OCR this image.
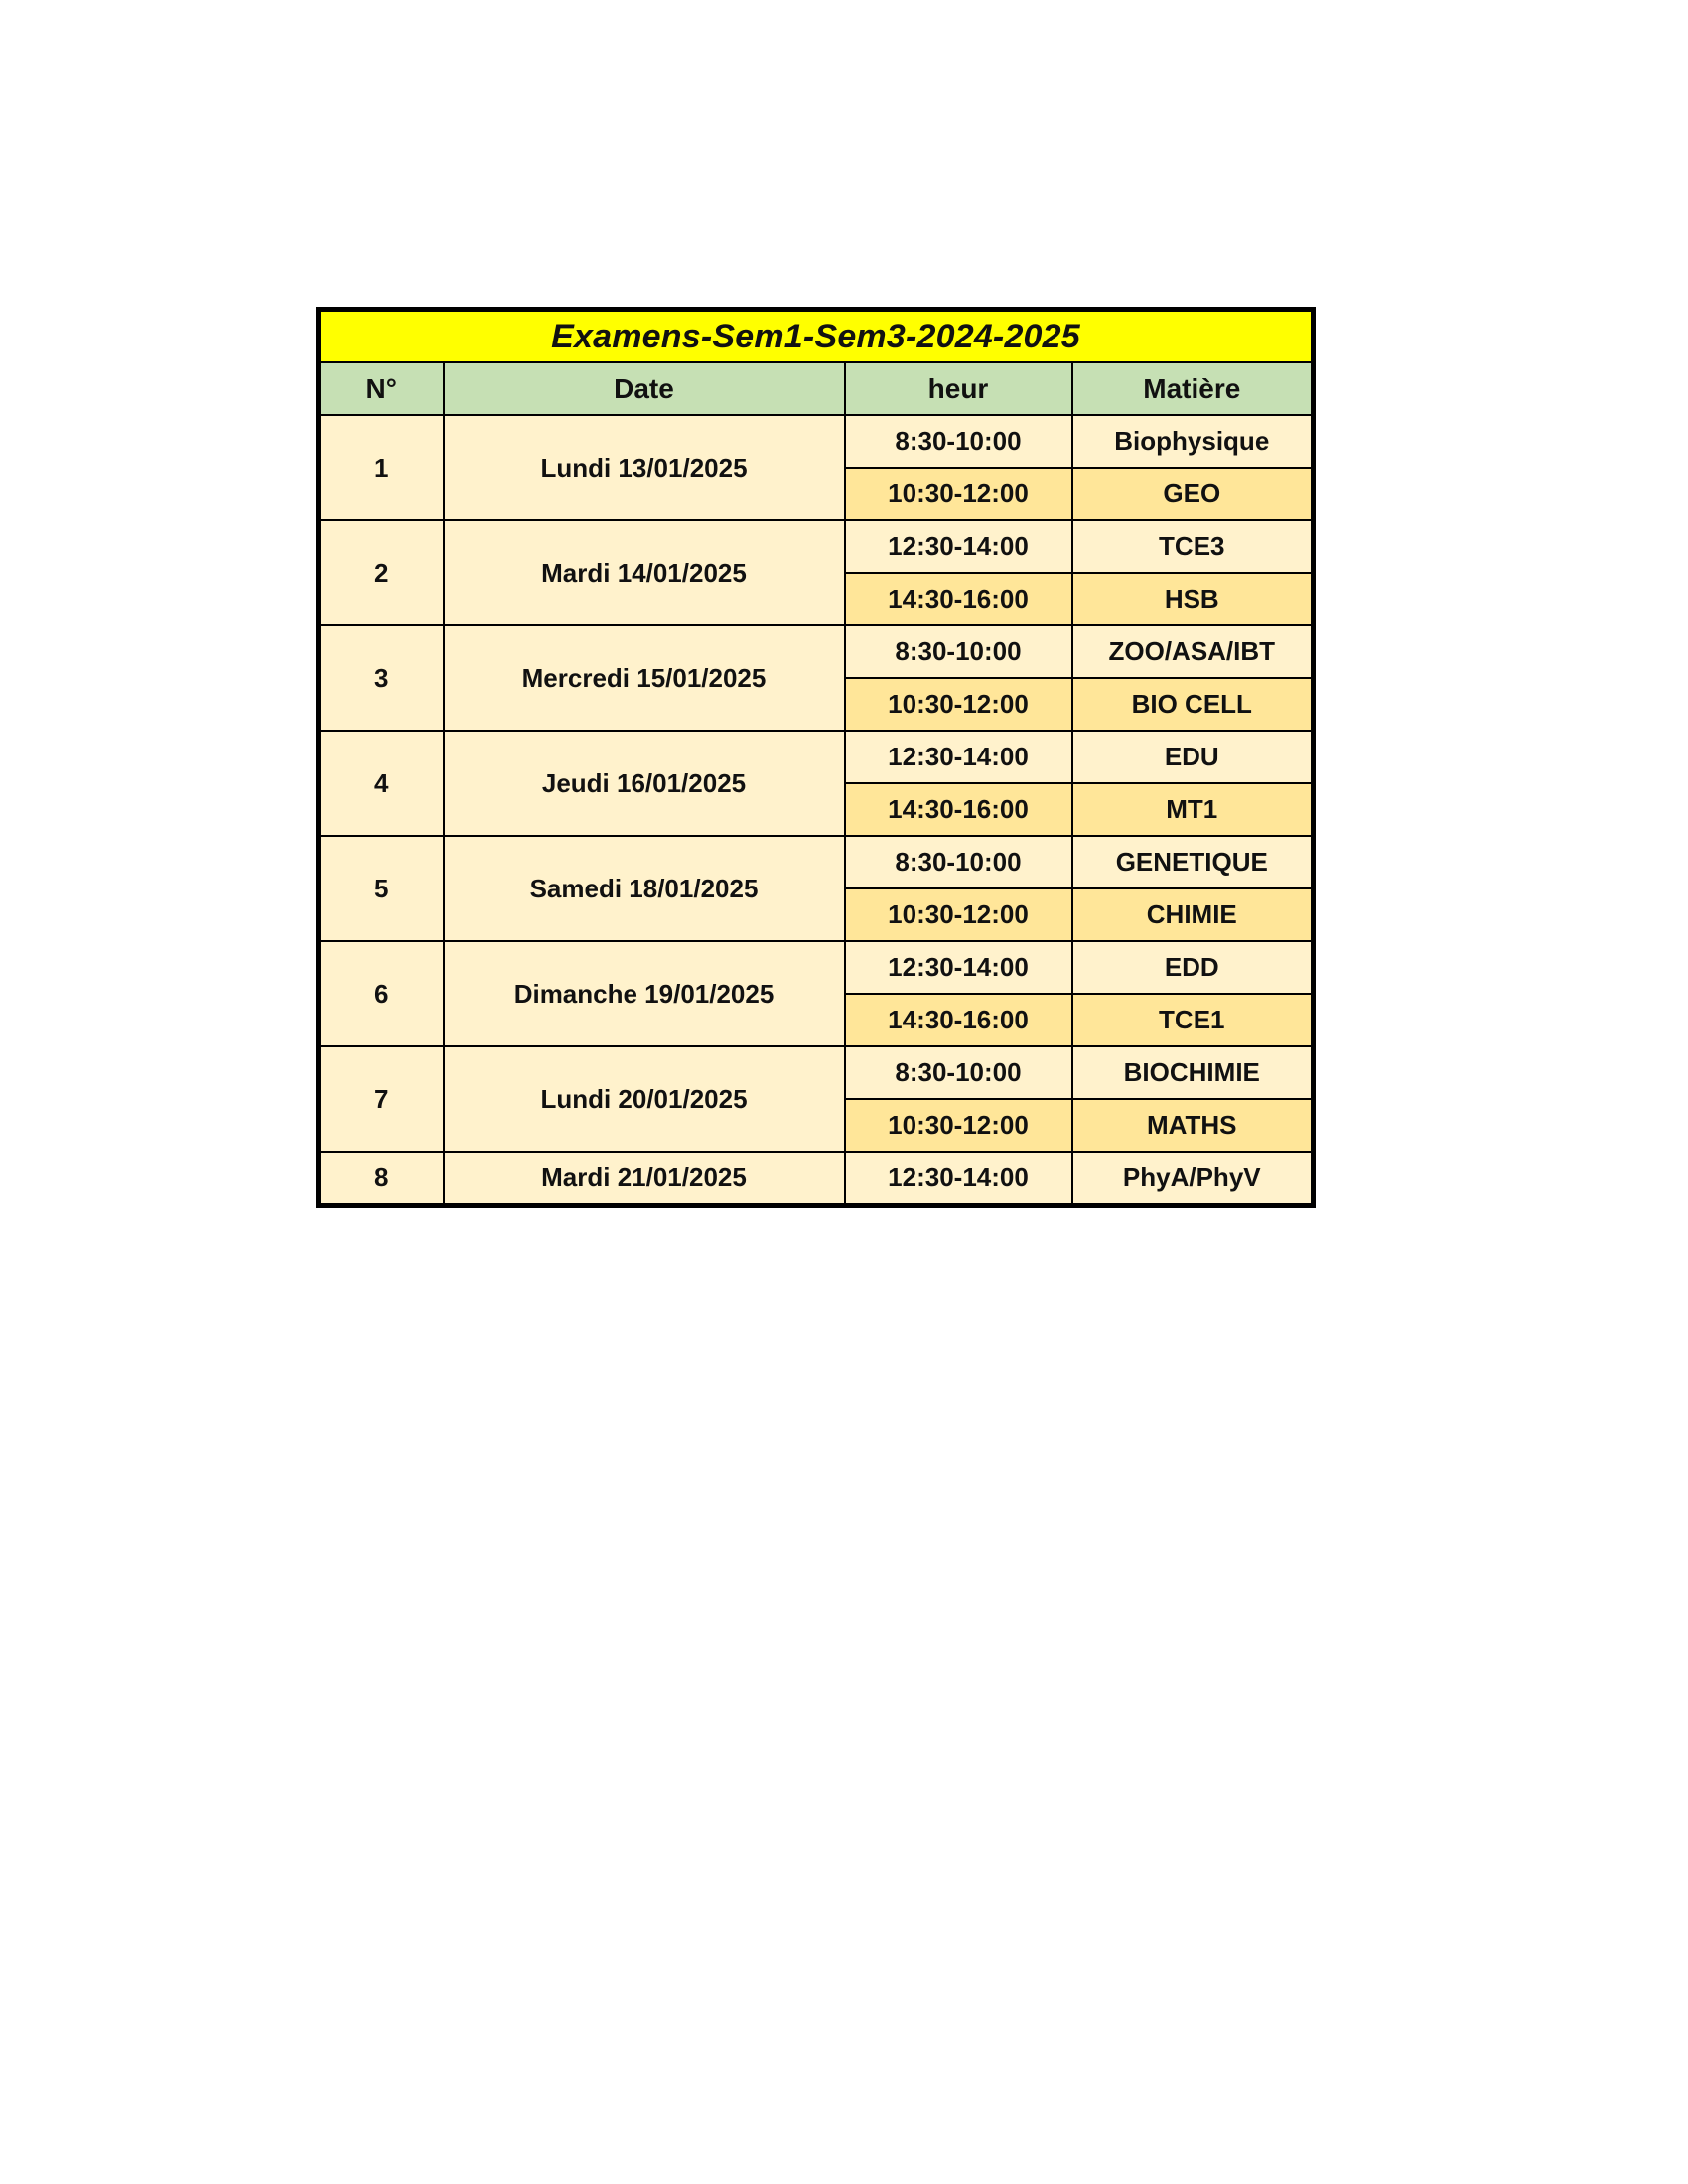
Examens-Sem1-Sem3-2024-2025			
N°	Date	heur	Matière
1	Lundi 13/01/2025	8:30-10:00	Biophysique
		10:30-12:00	GEO
2	Mardi 14/01/2025	12:30-14:00	TCE3
		14:30-16:00	HSB
3	Mercredi 15/01/2025	8:30-10:00	ZOO/ASA/IBT
		10:30-12:00	BIO CELL
4	Jeudi 16/01/2025	12:30-14:00	EDU
		14:30-16:00	MT1
5	Samedi 18/01/2025	8:30-10:00	GENETIQUE
		10:30-12:00	CHIMIE
6	Dimanche 19/01/2025	12:30-14:00	EDD
		14:30-16:00	TCE1
7	Lundi 20/01/2025	8:30-10:00	BIOCHIMIE
		10:30-12:00	MATHS
8	Mardi 21/01/2025	12:30-14:00	PhyA/PhyV
